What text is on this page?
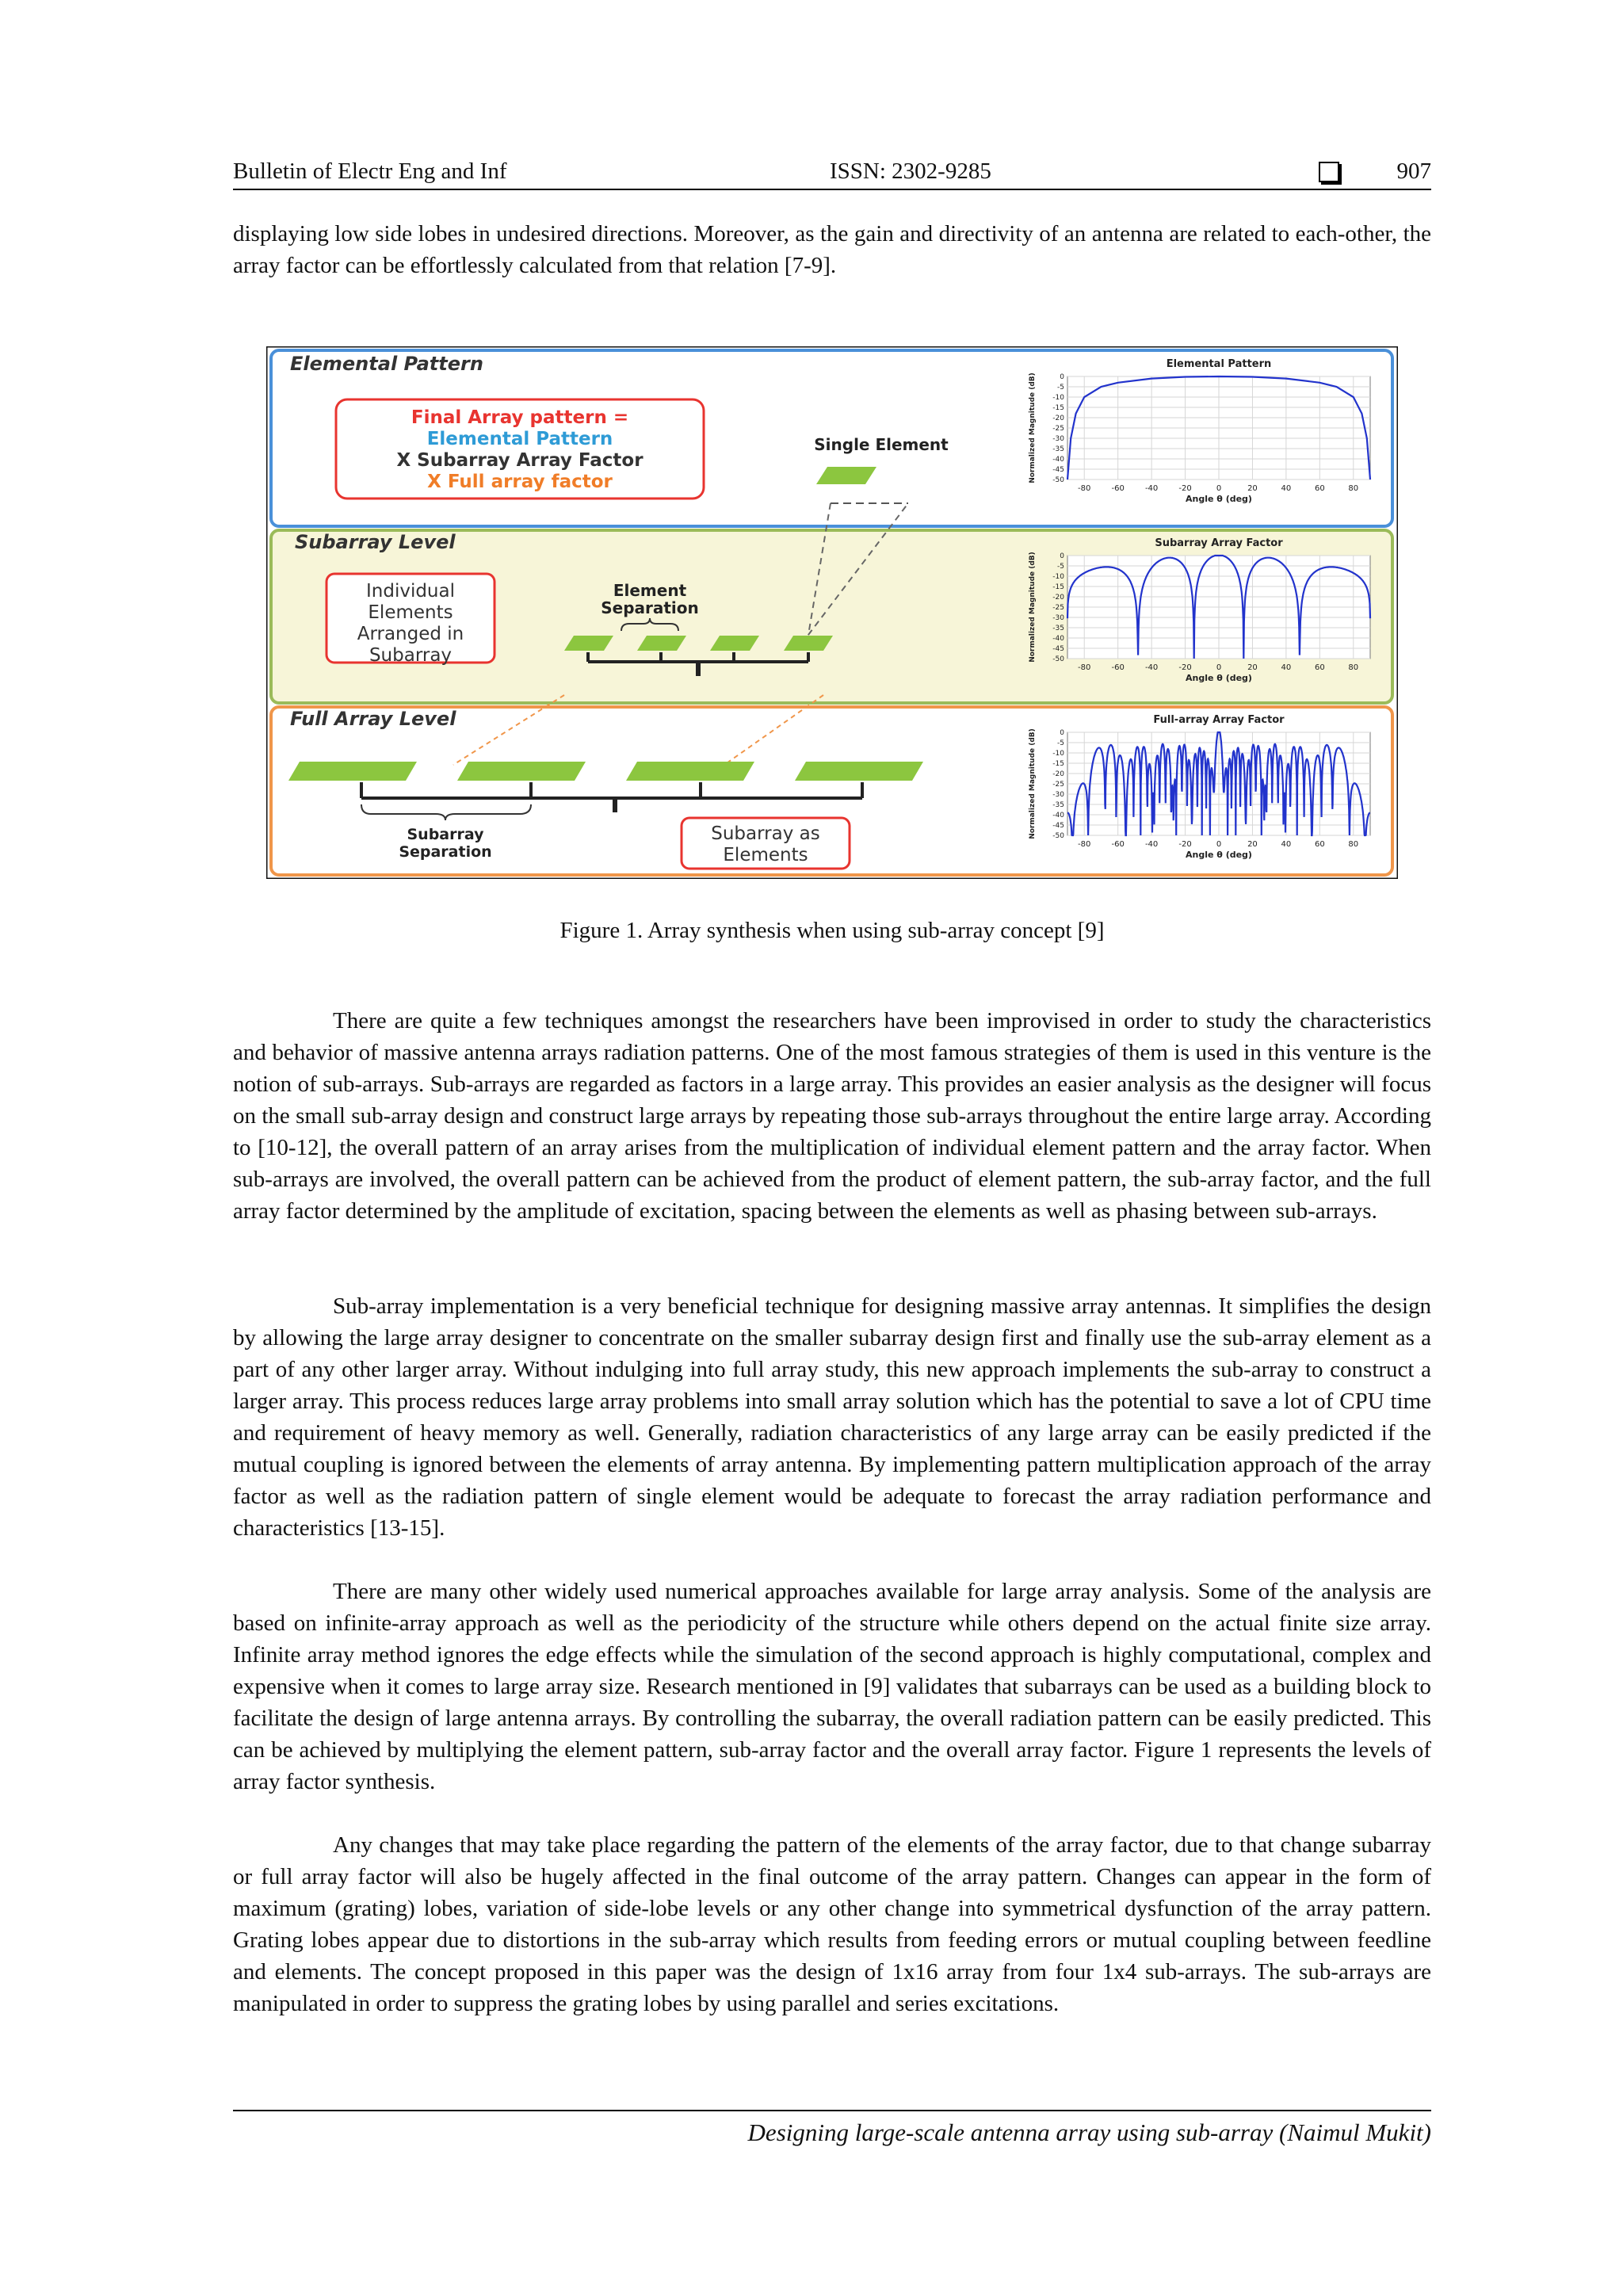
Bulletin of Electr Eng and Inf	ISSN: 2302-9285	907

displaying low side lobes in undesired directions. Moreover, as the gain and directivity of an antenna are related to each-other, the array factor can be effortlessly calculated from that relation [7-9].

Elemental Pattern
Final Array pattern =
Elemental Pattern
X Subarray Array Factor
X Full array factor
Single Element
Elemental Pattern
-80	-60	-40	-20	0	20	40	60	80
0
-5
-10
-15
-20
-25
-30
-35
-40
-45
-50
Angle θ (deg)
Normalized Magnitude (dB)
Subarray Level
Individual
Elements
Arranged in
Subarray
Element
Separation
Subarray Array Factor
-80	-60	-40	-20	0	20	40	60	80
0
-5
-10
-15
-20
-25
-30
-35
-40
-45
-50
Angle θ (deg)
Normalized Magnitude (dB)
Full Array Level
Subarray
Separation
Subarray as
Elements
Full-array Array Factor
-80	-60	-40	-20	0	20	40	60	80
0
-5
-10
-15
-20
-25
-30
-35
-40
-45
-50
Angle θ (deg)
Normalized Magnitude (dB)
Figure 1. Array synthesis when using sub-array concept [9]

There are quite a few techniques amongst the researchers have been improvised in order to study the characteristics and behavior of massive antenna arrays radiation patterns. One of the most famous strategies of them is used in this venture is the notion of sub-arrays. Sub-arrays are regarded as factors in a large array. This provides an easier analysis as the designer will focus on the small sub-array design and construct large arrays by repeating those sub-arrays throughout the entire large array. According to [10-12], the overall pattern of an array arises from the multiplication of individual element pattern and the array factor. When sub-arrays are involved, the overall pattern can be achieved from the product of element pattern, the sub-array factor, and the full array factor determined by the amplitude of excitation, spacing between the elements as well as phasing between sub-arrays.

Sub-array implementation is a very beneficial technique for designing massive array antennas. It simplifies the design by allowing the large array designer to concentrate on the smaller subarray design first and finally use the sub-array element as a part of any other larger array. Without indulging into full array study, this new approach implements the sub-array to construct a larger array. This process reduces large array problems into small array solution which has the potential to save a lot of CPU time and requirement of heavy memory as well. Generally, radiation characteristics of any large array can be easily predicted if the mutual coupling is ignored between the elements of array antenna. By implementing pattern multiplication approach of the array factor as well as the radiation pattern of single element would be adequate to forecast the array radiation performance and characteristics [13-15].

There are many other widely used numerical approaches available for large array analysis. Some of the analysis are based on infinite-array approach as well as the periodicity of the structure while others depend on the actual finite size array. Infinite array method ignores the edge effects while the simulation of the second approach is highly computational, complex and expensive when it comes to large array size. Research mentioned in [9] validates that subarrays can be used as a building block to facilitate the design of large antenna arrays. By controlling the subarray, the overall radiation pattern can be easily predicted. This can be achieved by multiplying the element pattern, sub-array factor and the overall array factor. Figure 1 represents the levels of array factor synthesis.

Any changes that may take place regarding the pattern of the elements of the array factor, due to that change subarray or full array factor will also be hugely affected in the final outcome of the array pattern. Changes can appear in the form of maximum (grating) lobes, variation of side-lobe levels or any other change into symmetrical dysfunction of the array pattern. Grating lobes appear due to distortions in the sub-array which results from feeding errors or mutual coupling between feedline and elements. The concept proposed in this paper was the design of 1x16 array from four 1x4 sub-arrays. The sub-arrays are manipulated in order to suppress the grating lobes by using parallel and series excitations.

Designing large-scale antenna array using sub-array (Naimul Mukit)
